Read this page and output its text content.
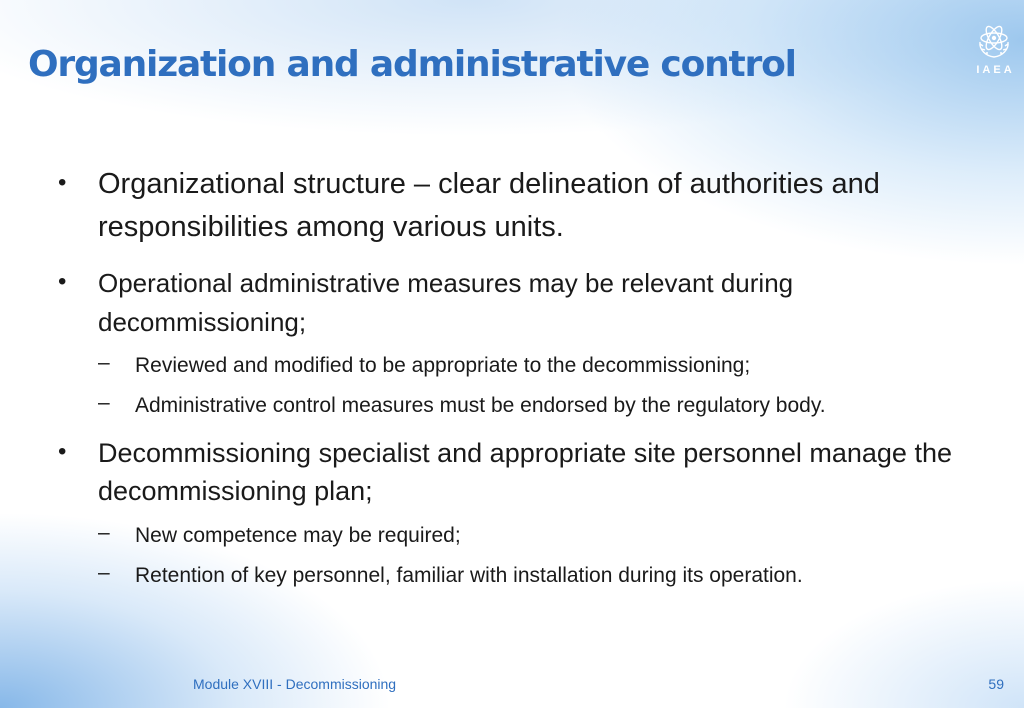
Organization and administrative control	IAEA
• Organizational structure – clear delineation of authorities and responsibilities among various units.
• Operational administrative measures may be relevant during decommissioning;
– Reviewed and modified to be appropriate to the decommissioning;
– Administrative control measures must be endorsed by the regulatory body.
• Decommissioning specialist and appropriate site personnel manage the decommissioning plan;
– New competence may be required;
– Retention of key personnel, familiar with installation during its operation.
Module XVIII - Decommissioning	59
